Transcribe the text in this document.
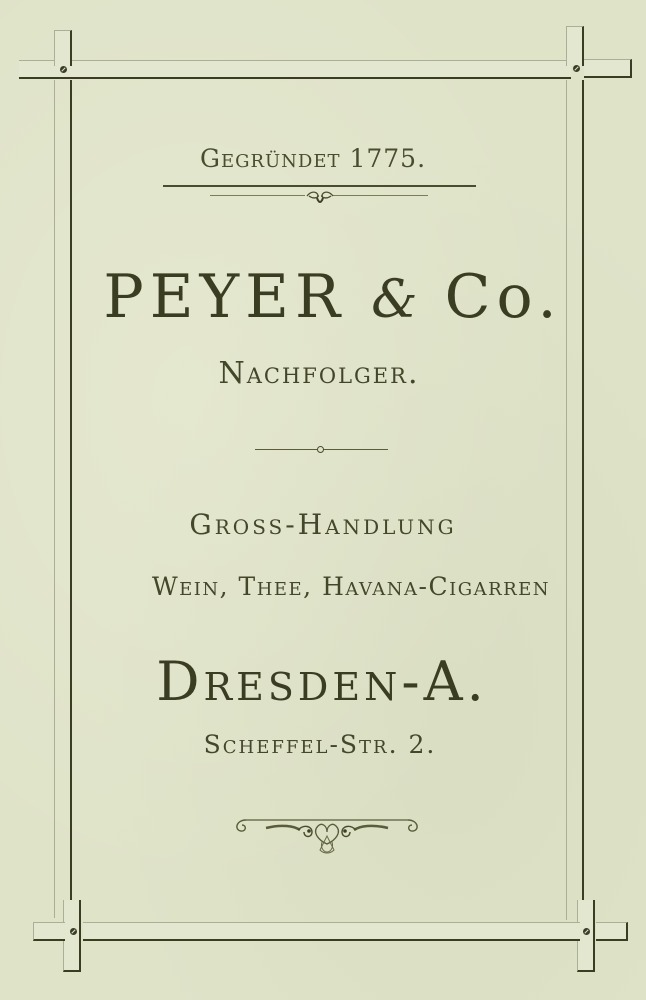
Gegründet 1775.
PEYER & Co.
Nachfolger.
Gross-Handlung
Wein, Thee, Havana-Cigarren
Dresden-A.
Scheffel-Str. 2.
